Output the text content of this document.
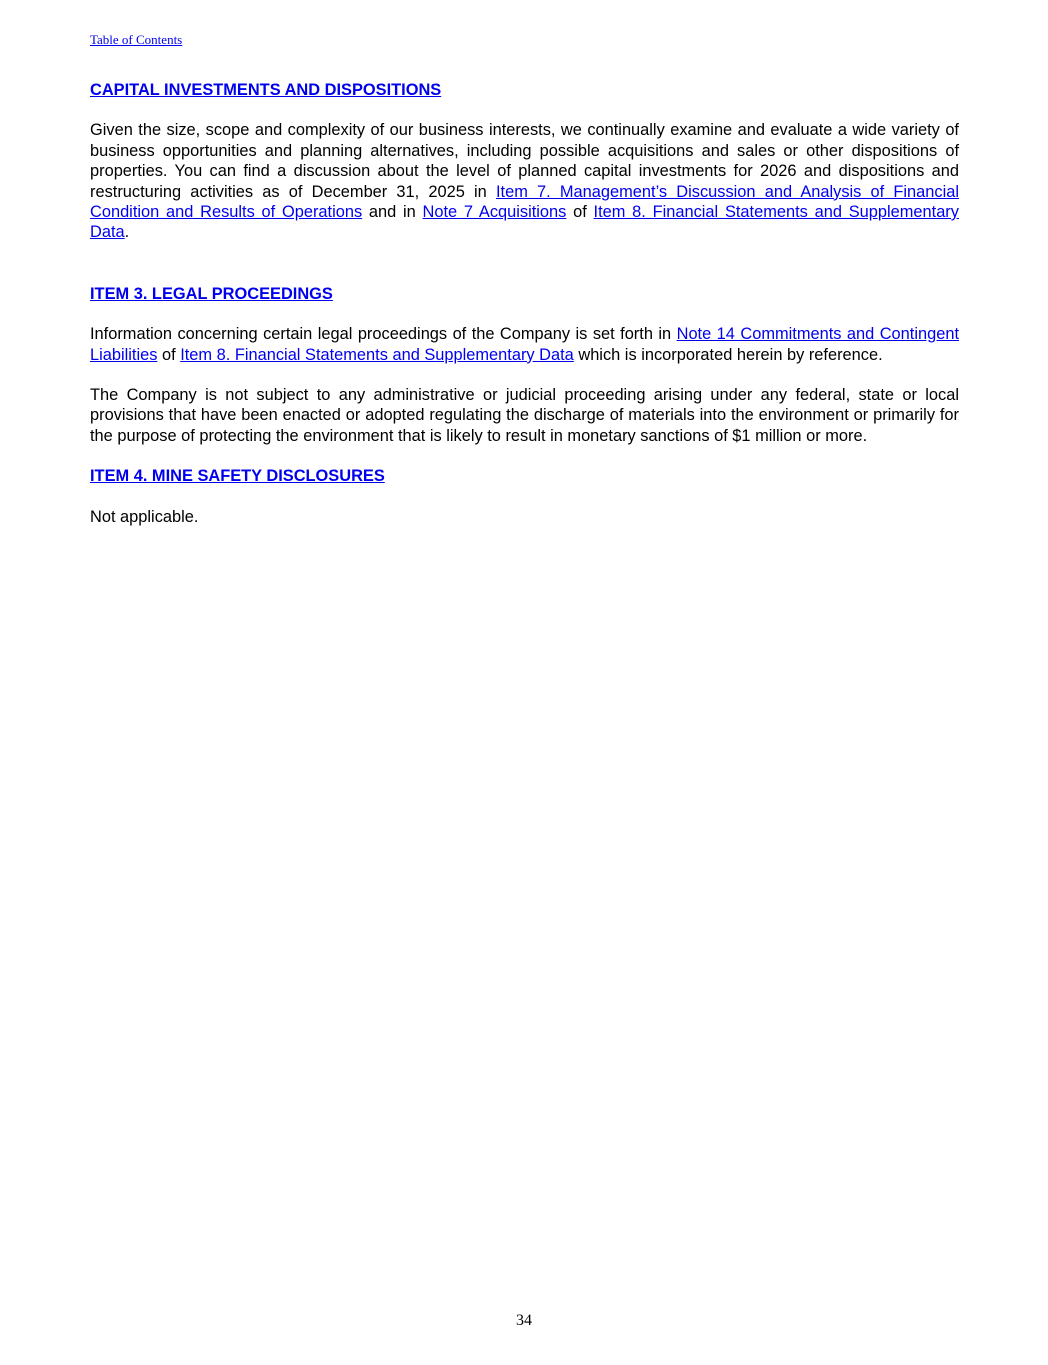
Table of Contents
CAPITAL INVESTMENTS AND DISPOSITIONS

Given the size, scope and complexity of our business interests, we continually examine and evaluate a wide variety of business opportunities and planning alternatives, including possible acquisitions and sales or other dispositions of properties. You can find a discussion about the level of planned capital investments for 2026 and dispositions and restructuring activities as of December 31, 2025 in Item 7. Management’s Discussion and Analysis of Financial Condition and Results of Operations and in Note 7 Acquisitions of Item 8. Financial Statements and Supplementary Data.

ITEM 3. LEGAL PROCEEDINGS

Information concerning certain legal proceedings of the Company is set forth in Note 14 Commitments and Contingent Liabilities of Item 8. Financial Statements and Supplementary Data which is incorporated herein by reference.

The Company is not subject to any administrative or judicial proceeding arising under any federal, state or local provisions that have been enacted or adopted regulating the discharge of materials into the environment or primarily for the purpose of protecting the environment that is likely to result in monetary sanctions of $1 million or more.

ITEM 4. MINE SAFETY DISCLOSURES

Not applicable.

34
